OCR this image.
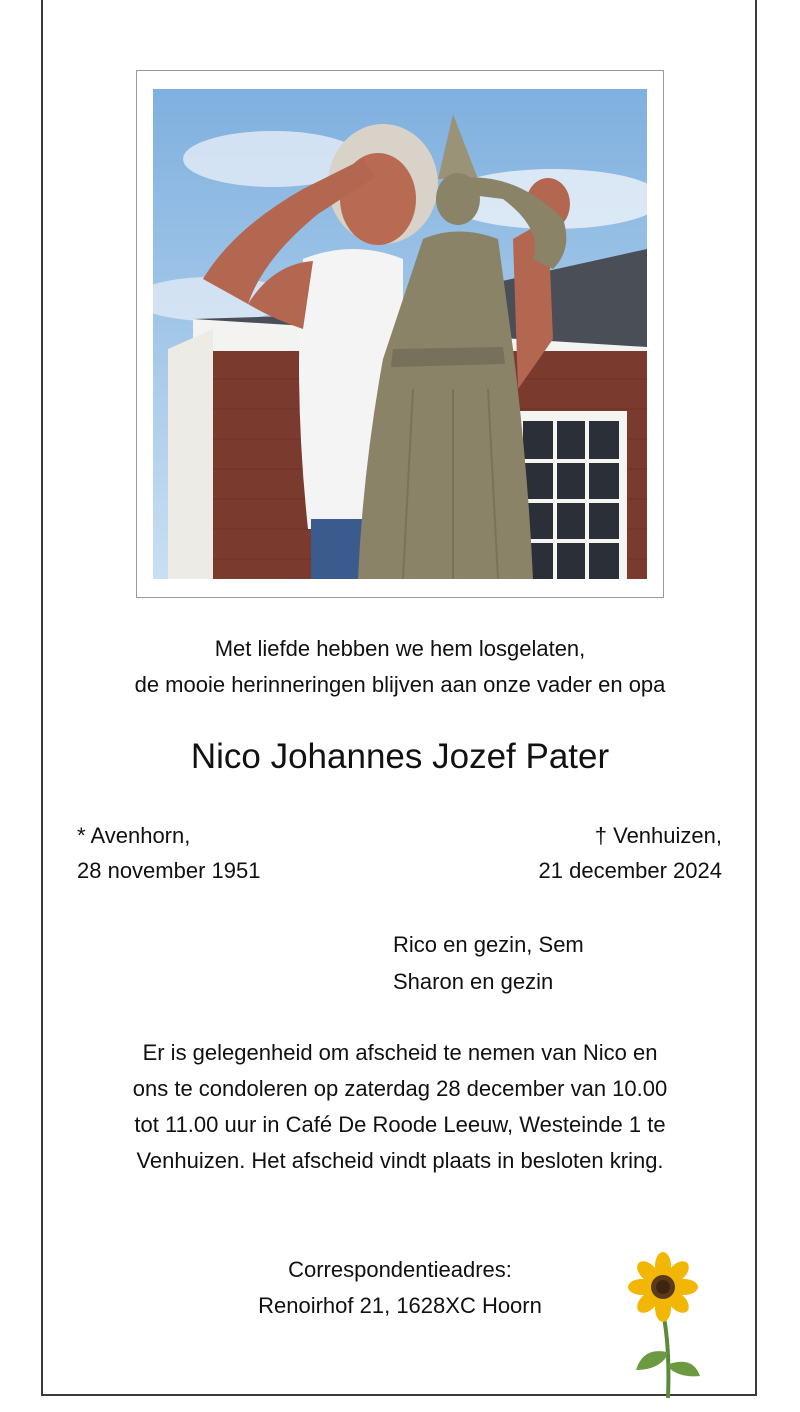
Met liefde hebben we hem losgelaten,
de mooie herinneringen blijven aan onze vader en opa
Nico Johannes Jozef Pater
* Avenhorn,
28 november 1951
† Venhuizen,
21 december 2024
Rico en gezin, Sem
Sharon en gezin
Er is gelegenheid om afscheid te nemen van Nico en
ons te condoleren op zaterdag 28 december van 10.00
tot 11.00 uur in Café De Roode Leeuw, Westeinde 1 te
Venhuizen. Het afscheid vindt plaats in besloten kring.
Correspondentieadres:
Renoirhof 21, 1628XC Hoorn
